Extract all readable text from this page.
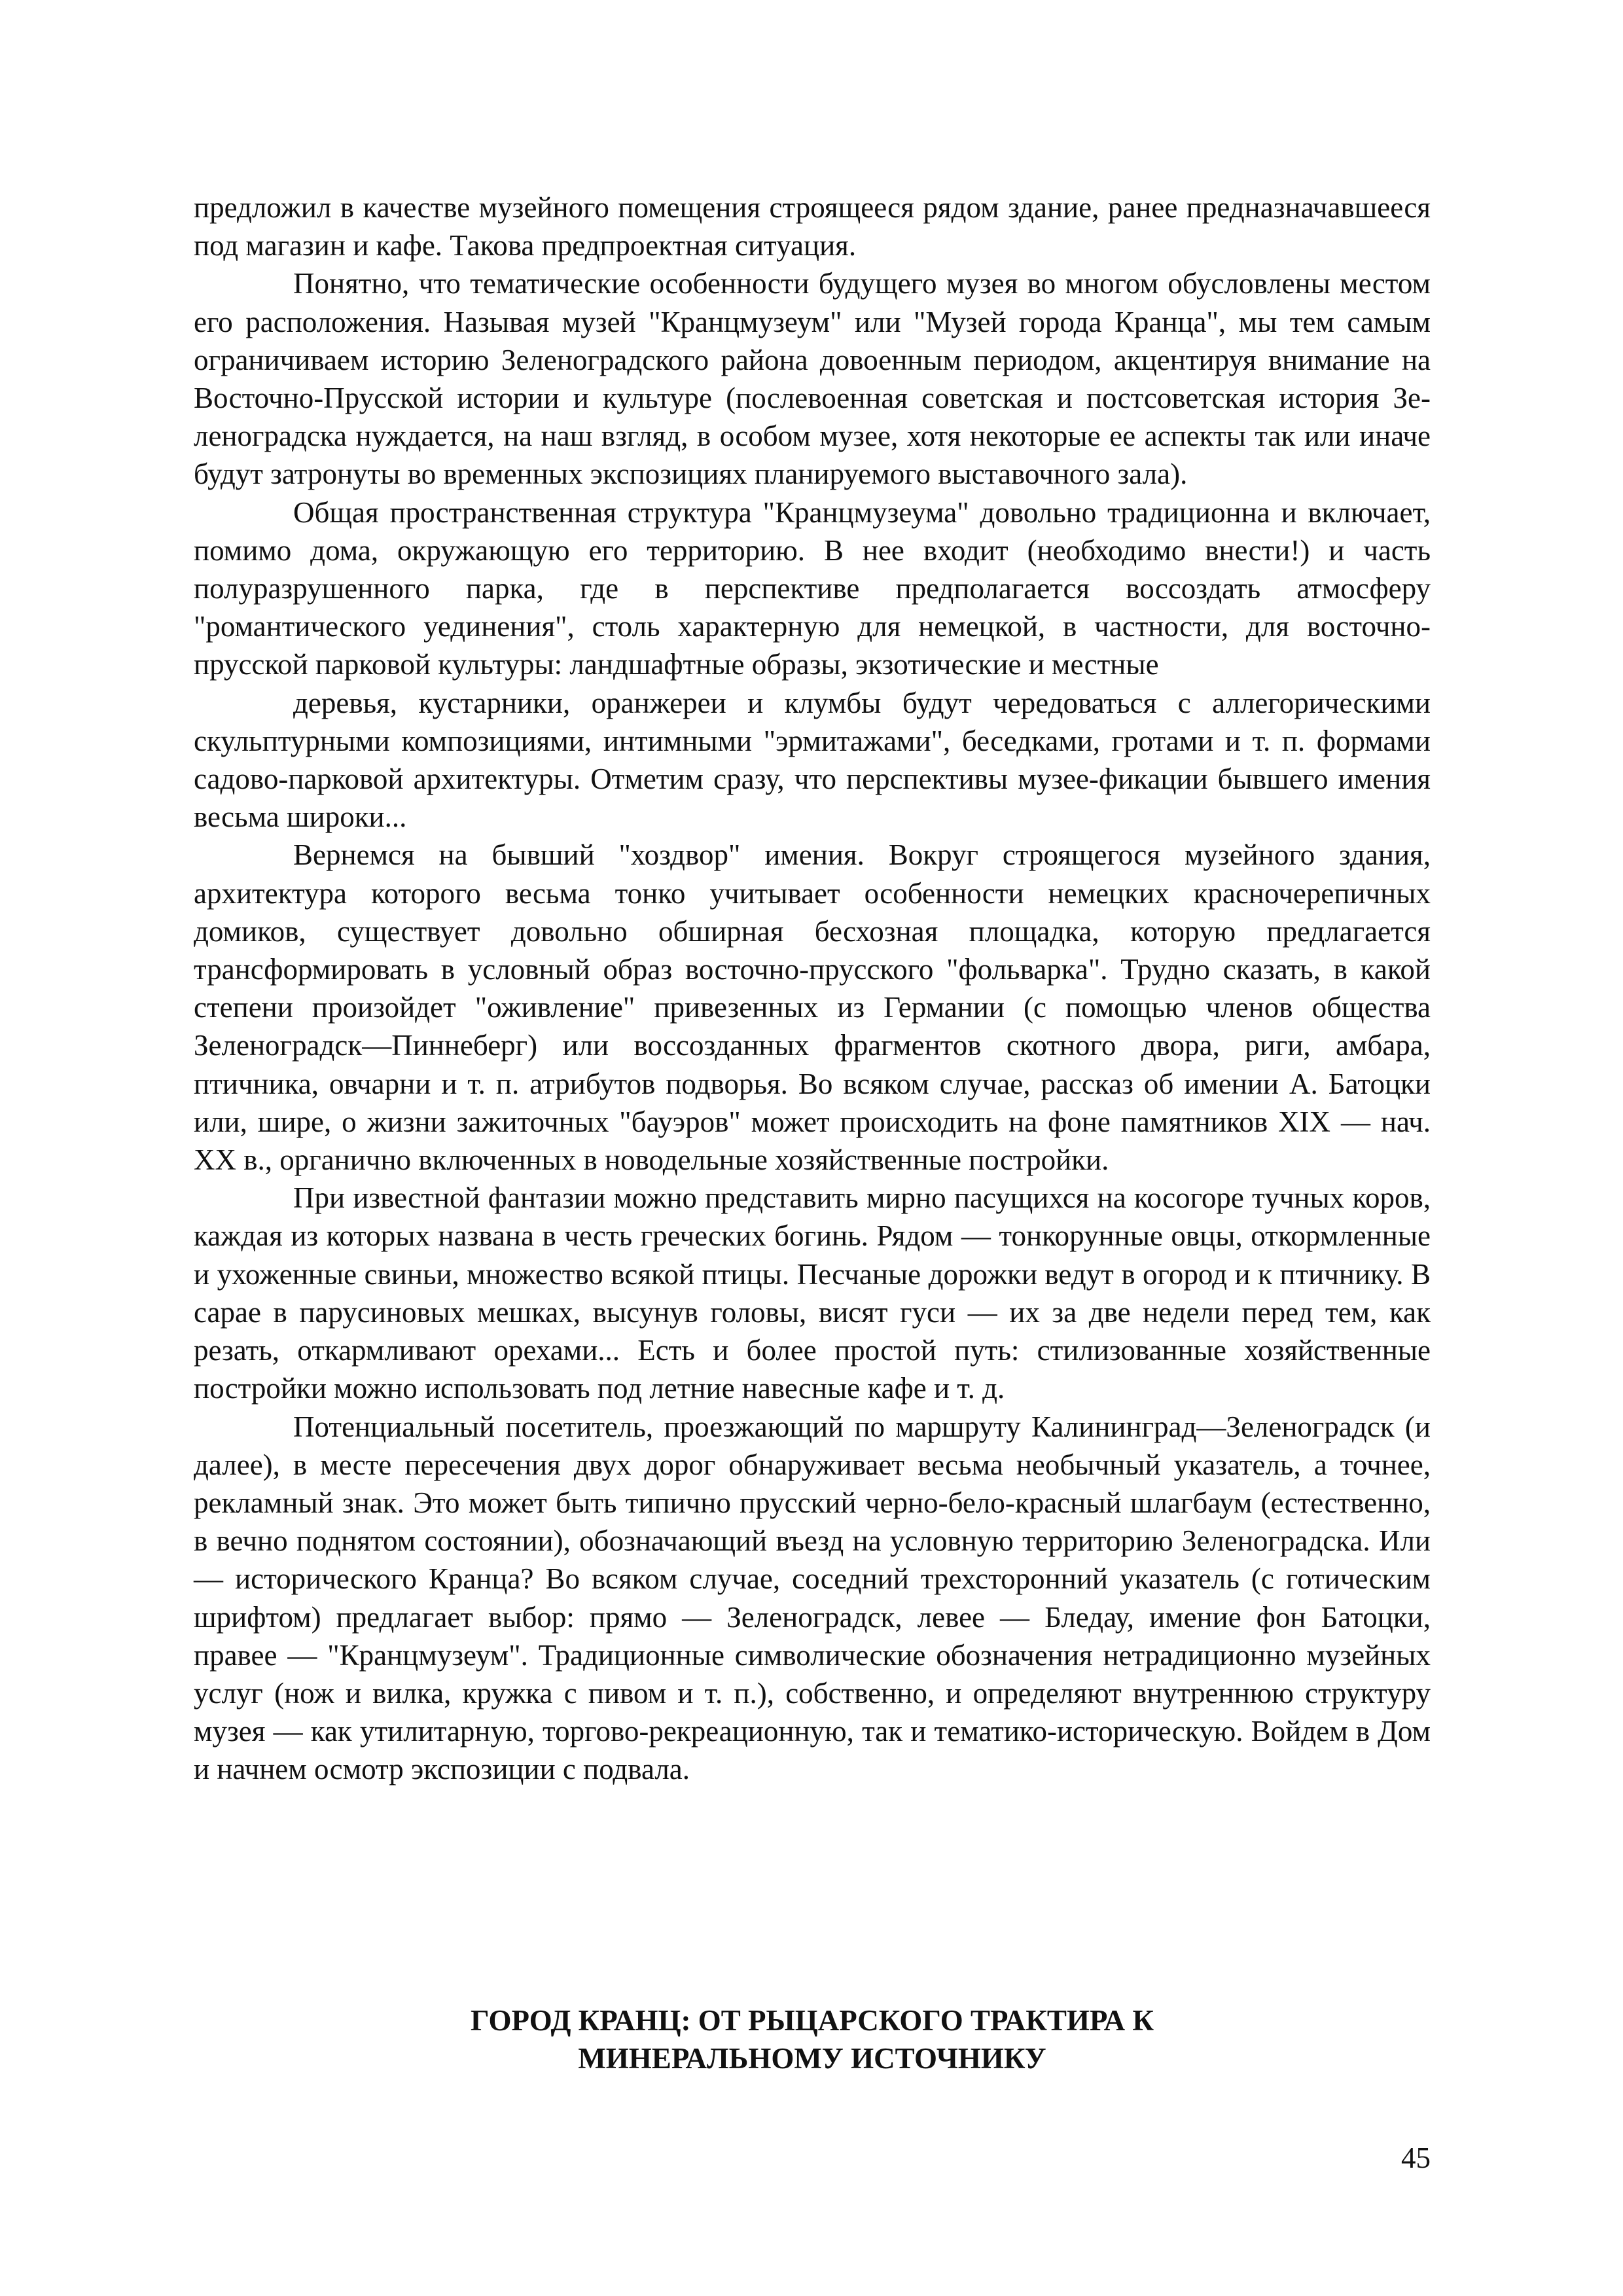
предложил в качестве музейного помещения строящееся рядом здание, ранее предназначавшееся под магазин и кафе. Такова предпроектная ситуация.

Понятно, что тематические особенности будущего музея во многом обусловлены местом его расположения. Называя музей "Кранцмузеум" или "Музей города Кранца", мы тем самым ограничиваем историю Зеленоградского района довоенным периодом, акцентируя внимание на Восточно-Прусской истории и культуре (послевоенная советская и постсоветская история Зе-леноградска нуждается, на наш взгляд, в особом музее, хотя некоторые ее аспекты так или иначе будут затронуты во временных экспозициях планируемого выставочного зала).

Общая пространственная структура "Кранцмузеума" довольно традиционна и включает, помимо дома, окружающую его территорию. В нее входит (необходимо внести!) и часть полуразрушенного парка, где в перспективе предполагается воссоздать атмосферу "романтического уединения", столь характерную для немецкой, в частности, для восточно-прусской парковой культуры: ландшафтные образы, экзотические и местные

деревья, кустарники, оранжереи и клумбы будут чередоваться с аллегорическими скульптурными композициями, интимными "эрмитажами", беседками, гротами и т. п. формами садово-парковой архитектуры. Отметим сразу, что перспективы музее-фикации бывшего имения весьма широки...

Вернемся на бывший "хоздвор" имения. Вокруг строящегося музейного здания, архитектура которого весьма тонко учитывает особенности немецких красночерепичных домиков, существует довольно обширная бесхозная площадка, которую предлагается трансформировать в условный образ восточно-прусского "фольварка". Трудно сказать, в какой степени произойдет "оживление" привезенных из Германии (с помощью членов общества Зеленоградск—Пиннеберг) или воссозданных фрагментов скотного двора, риги, амбара, птичника, овчарни и т. п. атрибутов подворья. Во всяком случае, рассказ об имении А. Батоцки или, шире, о жизни зажиточных "бауэров" может происходить на фоне памятников XIX — нач. XX в., органично включенных в новодельные хозяйственные постройки.

При известной фантазии можно представить мирно пасущихся на косогоре тучных коров, каждая из которых названа в честь греческих богинь. Рядом — тонкорунные овцы, откормленные и ухоженные свиньи, множество всякой птицы. Песчаные дорожки ведут в огород и к птичнику. В сарае в парусиновых мешках, высунув головы, висят гуси — их за две недели перед тем, как резать, откармливают орехами... Есть и более простой путь: стилизованные хозяйственные постройки можно использовать под летние навесные кафе и т. д.

Потенциальный посетитель, проезжающий по маршруту Калининград—Зеленоградск (и далее), в месте пересечения двух дорог обнаруживает весьма необычный указатель, а точнее, рекламный знак. Это может быть типично прусский черно-бело-красный шлагбаум (естественно, в вечно поднятом состоянии), обозначающий въезд на условную территорию Зеленоградска. Или — исторического Кранца? Во всяком случае, соседний трехсторонний указатель (с готическим шрифтом) предлагает выбор: прямо — Зеленоградск, левее — Бледау, имение фон Батоцки, правее — "Кранцмузеум". Традиционные символические обозначения нетрадиционно музейных услуг (нож и вилка, кружка с пивом и т. п.), собственно, и определяют внутреннюю структуру музея — как утилитарную, торгово-рекреационную, так и тематико-историческую. Войдем в Дом и начнем осмотр экспозиции с подвала.

ГОРОД КРАНЦ: ОТ РЫЦАРСКОГО ТРАКТИРА К
МИНЕРАЛЬНОМУ ИСТОЧНИКУ
45
